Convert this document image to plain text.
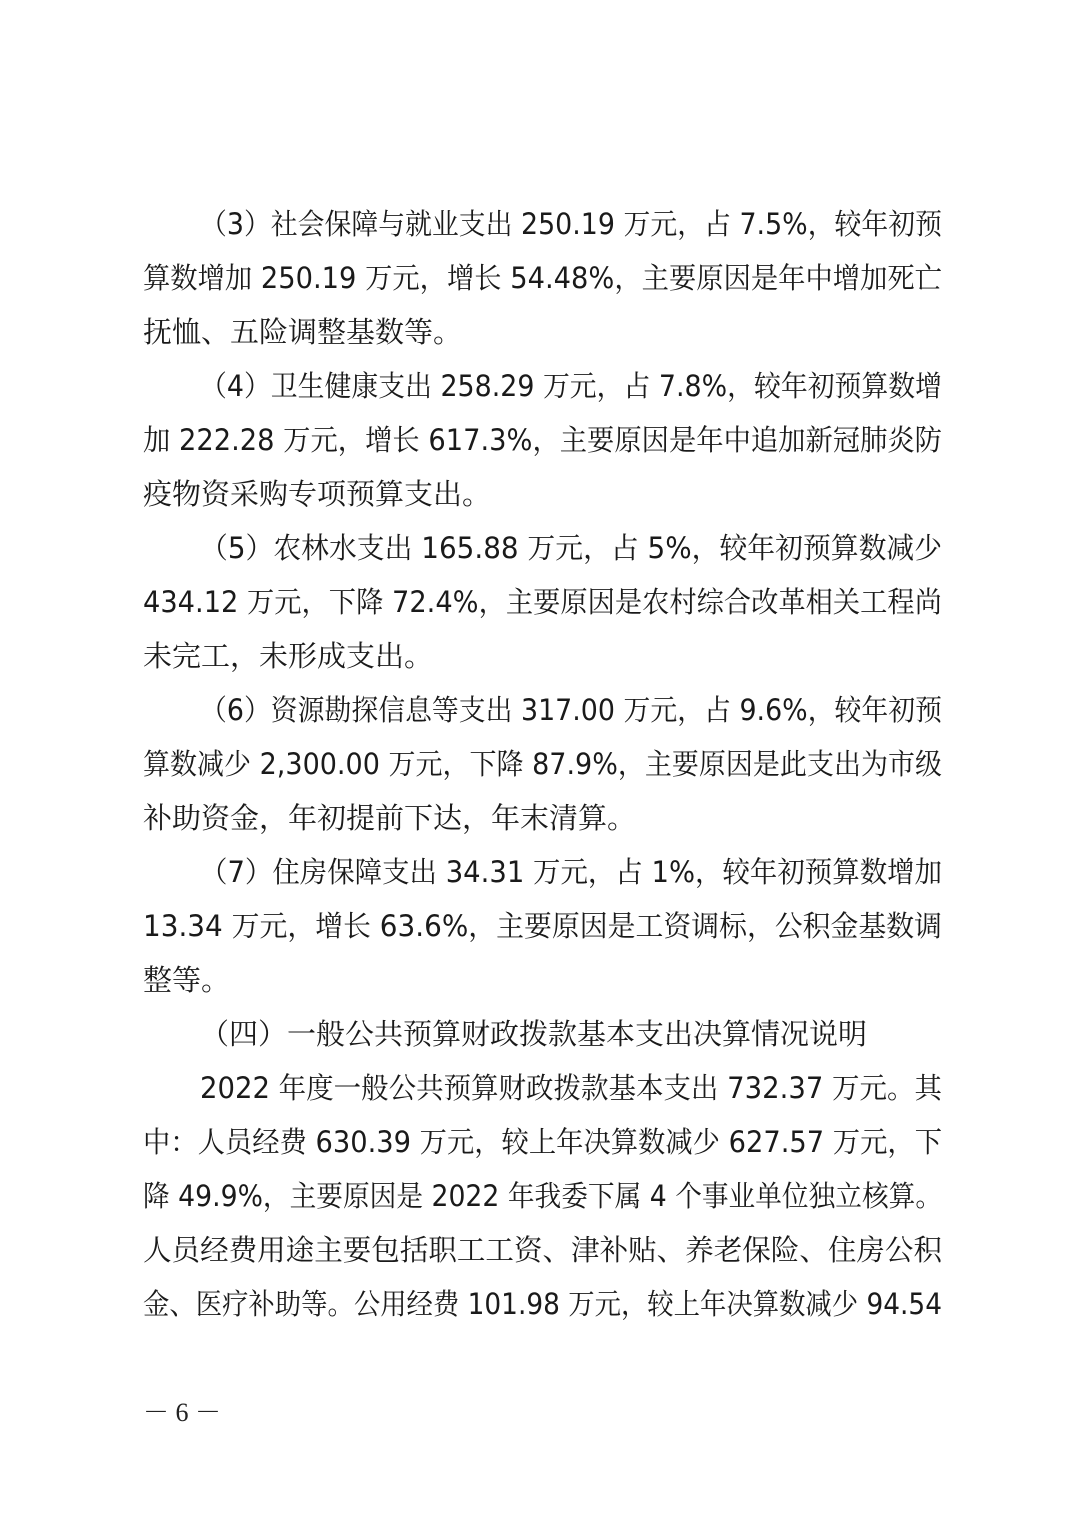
（3）社会保障与就业支出 250.19 万元，占 7.5%，较年初预
算数增加 250.19 万元，增长 54.48%，主要原因是年中增加死亡
抚恤、五险调整基数等。
（4）卫生健康支出 258.29 万元，占 7.8%，较年初预算数增
加 222.28 万元，增长 617.3%，主要原因是年中追加新冠肺炎防
疫物资采购专项预算支出。
（5）农林水支出 165.88 万元，占 5%，较年初预算数减少
434.12 万元，下降 72.4%，主要原因是农村综合改革相关工程尚
未完工，未形成支出。
（6）资源勘探信息等支出 317.00 万元，占 9.6%，较年初预
算数减少 2,300.00 万元，下降 87.9%，主要原因是此支出为市级
补助资金，年初提前下达，年末清算。
（7）住房保障支出 34.31 万元，占 1%，较年初预算数增加
13.34 万元，增长 63.6%，主要原因是工资调标，公积金基数调
整等。
（四）一般公共预算财政拨款基本支出决算情况说明
2022 年度一般公共预算财政拨款基本支出 732.37 万元。其
中：人员经费 630.39 万元，较上年决算数减少 627.57 万元，下
降 49.9%，主要原因是 2022 年我委下属 4 个事业单位独立核算。
人员经费用途主要包括职工工资、津补贴、养老保险、住房公积
金、医疗补助等。公用经费 101.98 万元，较上年决算数减少 94.54
－ 6 －
